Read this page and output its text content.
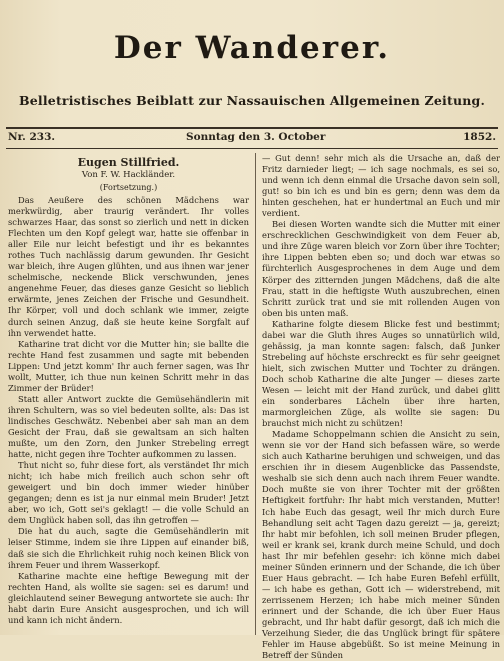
Der Wanderer.
Belletristisches Beiblatt zur Nassauischen Allgemeinen Zeitung.
Nr. 233.	Sonntag den 3. October	1852.

Eugen Stillfried.

Von F. W. Hackländer.

(Fortsetzung.)

Das Aeußere des schönen Mädchens war merkwürdig, aber traurig verändert. Ihr volles schwarzes Haar, das sonst so zierlich und nett in dicken Flechten um den Kopf gelegt war, hatte sie offenbar in aller Eile nur leicht befestigt und ihr es bekanntes rothes Tuch nachlässig darum gewunden. Ihr Gesicht war bleich, ihre Augen glühten, und aus ihnen war jener schelmische, neckende Blick verschwunden, jenes angenehme Feuer, das dieses ganze Gesicht so lieblich erwärmte, jenes Zeichen der Frische und Gesundheit. Ihr Körper, voll und doch schlank wie immer, zeigte durch seinen Anzug, daß sie heute keine Sorgfalt auf ihn verwendet hatte.

Katharine trat dicht vor die Mutter hin; sie ballte die rechte Hand fest zusammen und sagte mit bebenden Lippen: Und jetzt komm' Ihr auch ferner sagen, was Ihr wollt, Mutter, ich thue nun keinen Schritt mehr in das Zimmer der Brüder!

Statt aller Antwort zuckte die Gemüsehändlerin mit ihren Schultern, was so viel bedeuten sollte, als: Das ist lindisches Geschwätz. Nebenbei aber sah man an dem Gesicht der Frau, daß sie gewaltsam an sich halten mußte, um den Zorn, den Junker Strebeling erregt hatte, nicht gegen ihre Tochter aufkommen zu lassen.

Thut nicht so, fuhr diese fort, als verständet Ihr mich nicht; ich habe mich freilich auch schon sehr oft geweigert und bin doch immer wieder hinüber gegangen; denn es ist ja nur einmal mein Bruder! Jetzt aber, wo ich, Gott sei's geklagt! — die volle Schuld an dem Unglück haben soll, das ihn getroffen —

Die hat du auch, sagte die Gemüsehändlerin mit leiser Stimme, indem sie ihre Lippen auf einander biß, daß sie sich die Ehrlichkeit ruhig noch keinen Blick von ihrem Feuer und ihrem Wasserkopf.

Katharine machte eine heftige Bewegung mit der rechten Hand, als wollte sie sagen: sei es darum! und gleichlautend seiner Bewegung antwortete sie auch: Ihr habt darin Eure Ansicht ausgesprochen, und ich will und kann ich nicht ändern.

— Gut denn! sehr mich als die Ursache an, daß der Fritz darnieder liegt; — ich sage nochmals, es sei so, und wenn ich denn einmal die Ursache davon sein soll, gut! so bin ich es und bin es gern; denn was dem da hinten geschehen, hat er hundertmal an Euch und mir verdient.

Bei diesen Worten wandte sich die Mutter mit einer erschrecklichen Geschwindigkeit von dem Feuer ab, und ihre Züge waren bleich vor Zorn über ihre Tochter; ihre Lippen bebten eben so; und doch war etwas so fürchterlich Ausgesprochenes in dem Auge und dem Körper des zitternden jungen Mädchens, daß die alte Frau, statt in die heftigste Wuth auszubrechen, einen Schritt zurück trat und sie mit rollenden Augen von oben bis unten maß.

Katharine folgte diesem Blicke fest und bestimmt; dabei war die Gluth ihres Auges so unnatürlich wild, gehässig, ja man konnte sagen: falsch, daß Junker Strebeling auf höchste erschreckt es für sehr geeignet hielt, sich zwischen Mutter und Tochter zu drängen. Doch schob Katharine die alte Junger — dieses zarte Wesen — leicht mit der Hand zurück, und dabei glitt ein sonderbares Lächeln über ihre harten, marmorgleichen Züge, als wollte sie sagen: Du brauchst mich nicht zu schützen!

Madame Schoppelmann schien die Ansicht zu sein, wenn sie vor der Hand sich befassen wäre, so werde sich auch Katharine beruhigen und schweigen, und das erschien ihr in diesem Augenblicke das Passendste, weshalb sie sich denn auch nach ihrem Feuer wandte. Doch mußte sie von ihrer Tochter mit der größten Heftigkeit fortfuhr: Ihr habt mich verstanden, Mutter! Ich habe Euch das gesagt, weil Ihr mich durch Eure Behandlung seit acht Tagen dazu gereizt — ja, gereizt; Ihr habt mir befohlen, ich soll meinen Bruder pflegen, weil er krank sei, krank durch meine Schuld, und doch hast Ihr mir befehlen gesehr: ich könne mich dabei meiner Sünden erinnern und der Schande, die ich über Euer Haus gebracht. — Ich habe Euren Befehl erfüllt, — ich habe es gethan, Gott ich — widerstrebend, mit zerrissenem Herzen; ich habe mich meiner Sünden erinnert und der Schande, die ich über Euer Haus gebracht, und Ihr habt dafür gesorgt, daß ich mich die Verzeihung Sieder, die das Unglück bringt für spätere Fehler im Hause abgebüßt. So ist meine Meinung in Betreff der Sünden
